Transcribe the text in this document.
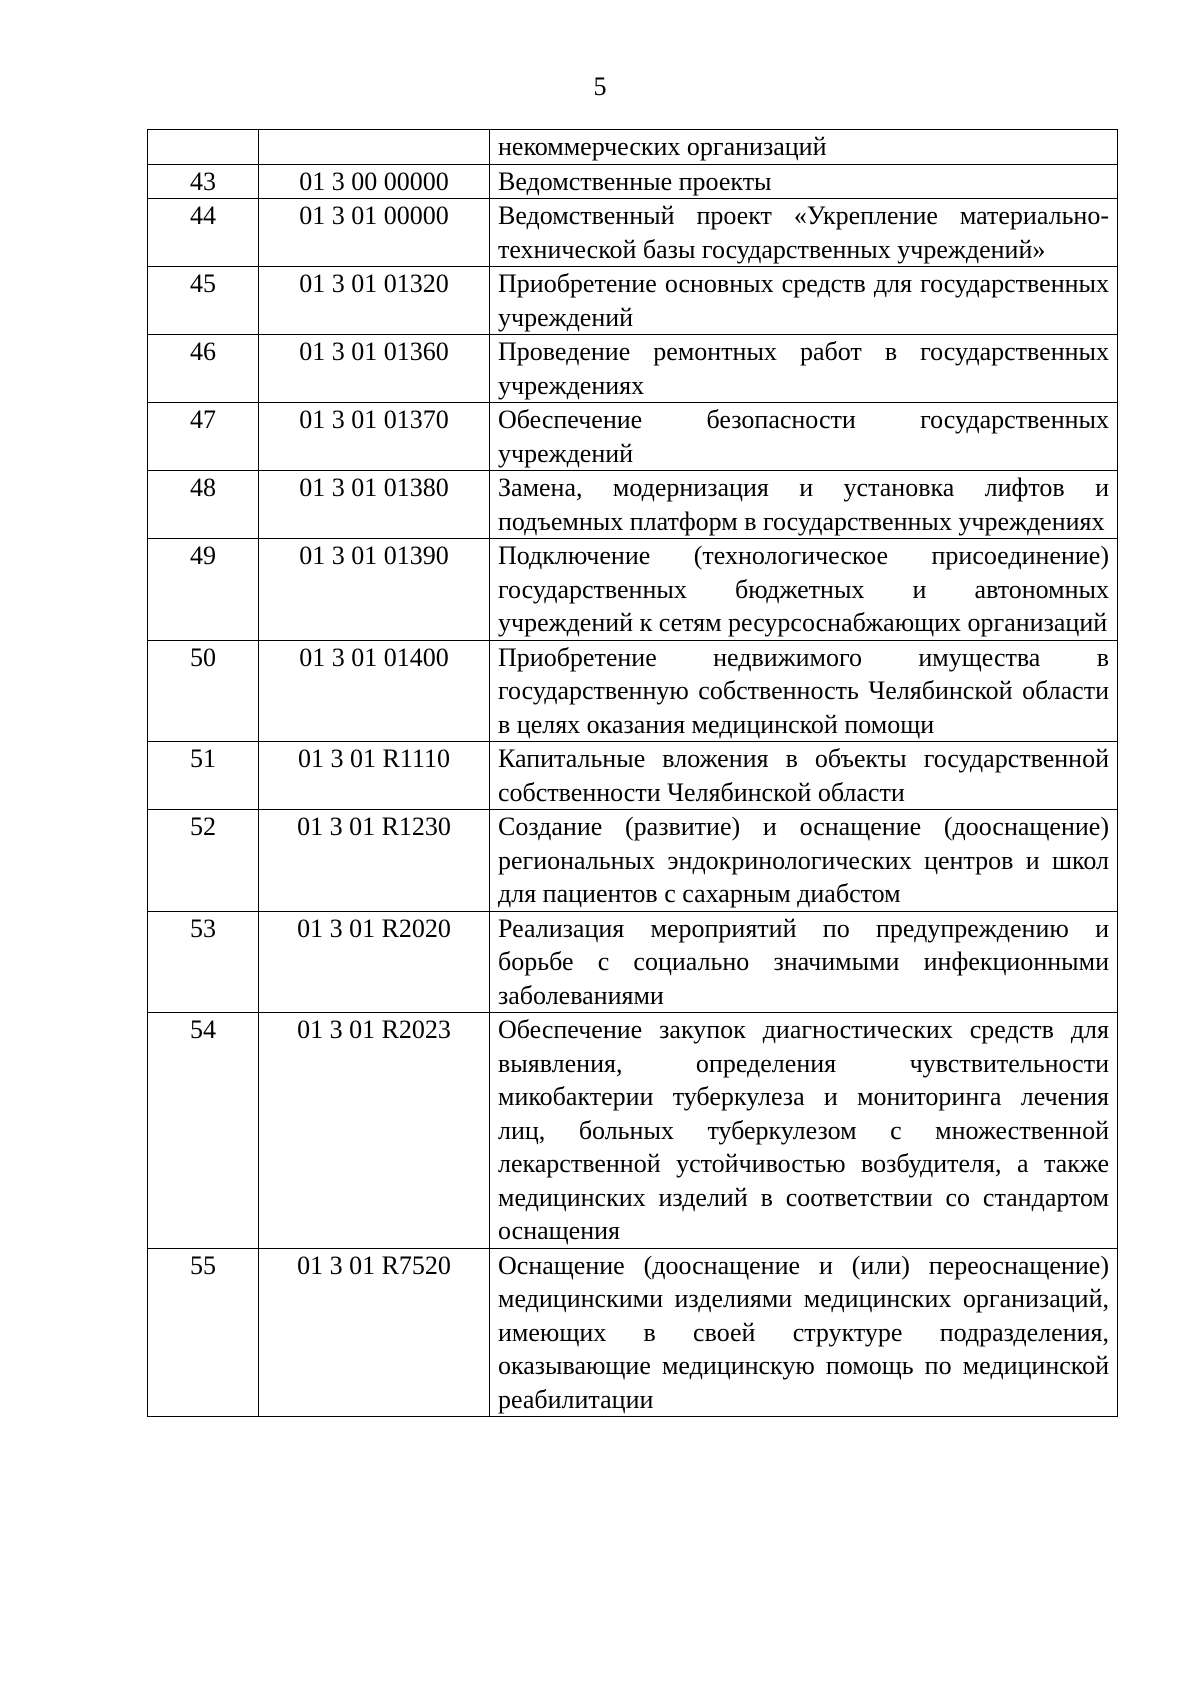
5
		некоммерческих организаций
43	01 3 00 00000	Ведомственные проекты
44	01 3 01 00000	Ведомственный проект «Укрепление материально-технической базы государственных учреждений»
45	01 3 01 01320	Приобретение основных средств для государственных учреждений
46	01 3 01 01360	Проведение ремонтных работ в государственных учреждениях
47	01 3 01 01370	Обеспечение безопасности государственных учреждений
48	01 3 01 01380	Замена, модернизация и установка лифтов и подъемных платформ в государственных учреждениях
49	01 3 01 01390	Подключение (технологическое присоединение) государственных бюджетных и автономных учреждений к сетям ресурсоснабжающих организаций
50	01 3 01 01400	Приобретение недвижимого имущества в государственную собственность Челябинской области в целях оказания медицинской помощи
51	01 3 01 R1110	Капитальные вложения в объекты государственной собственности Челябинской области
52	01 3 01 R1230	Создание (развитие) и оснащение (дооснащение) региональных эндокринологических центров и школ для пациентов с сахарным диабстом
53	01 3 01 R2020	Реализация мероприятий по предупреждению и борьбе с социально значимыми инфекционными заболеваниями
54	01 3 01 R2023	Обеспечение закупок диагностических средств для выявления, определения чувствительности микобактерии туберкулеза и мониторинга лечения лиц, больных туберкулезом с множественной лекарственной устойчивостью возбудителя, а также медицинских изделий в соответствии со стандартом оснащения
55	01 3 01 R7520	Оснащение (дооснащение и (или) переоснащение) медицинскими изделиями медицинских организаций, имеющих в своей структуре подразделения, оказывающие медицинскую помощь по медицинской реабилитации
